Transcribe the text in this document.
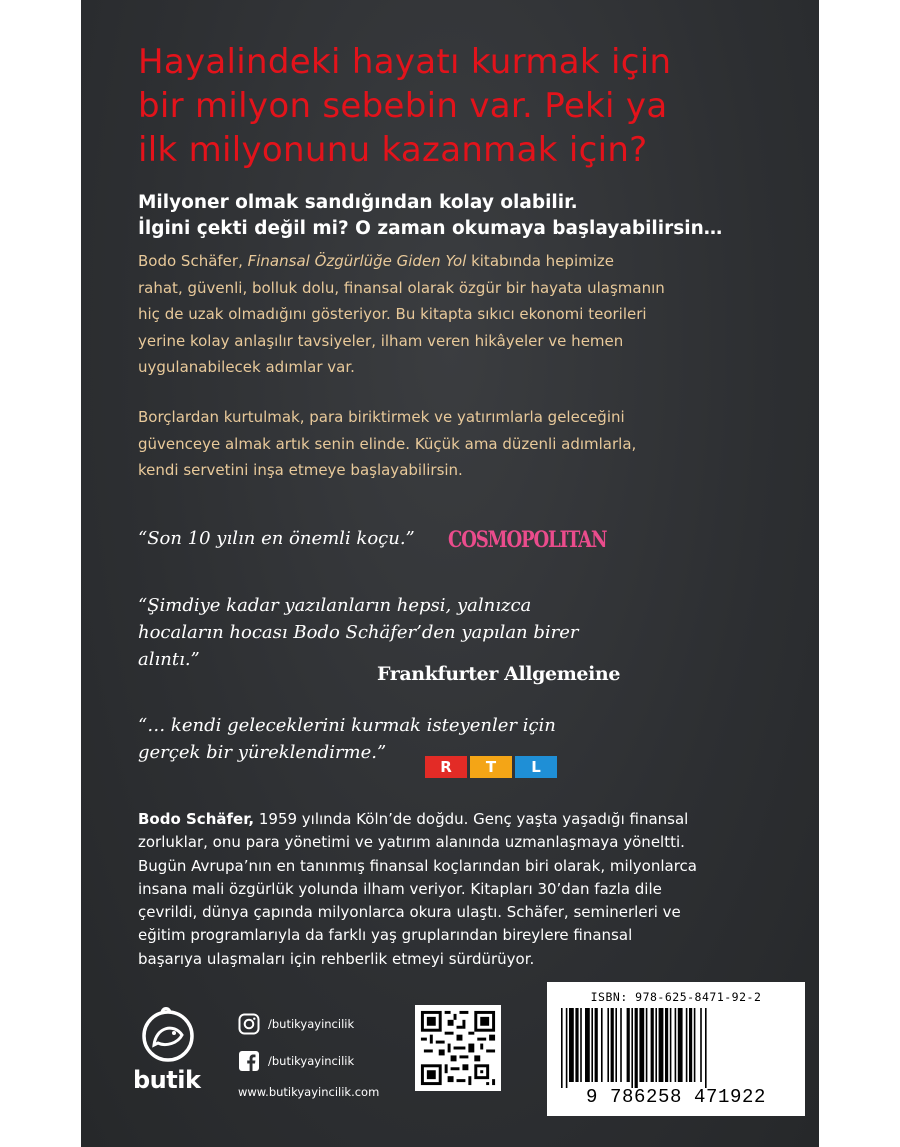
Hayalindeki hayatı kurmak için
bir milyon sebebin var. Peki ya
ilk milyonunu kazanmak için?
Milyoner olmak sandığından kolay olabilir.
İlgini çekti değil mi? O zaman okumaya başlayabilirsin…
Bodo Schäfer, Finansal Özgürlüğe Giden Yol kitabında hepimize
rahat, güvenli, bolluk dolu, finansal olarak özgür bir hayata ulaşmanın
hiç de uzak olmadığını gösteriyor. Bu kitapta sıkıcı ekonomi teorileri
yerine kolay anlaşılır tavsiyeler, ilham veren hikâyeler ve hemen
uygulanabilecek adımlar var.
Borçlardan kurtulmak, para biriktirmek ve yatırımlarla geleceğini
güvenceye almak artık senin elinde. Küçük ama düzenli adımlarla,
kendi servetini inşa etmeye başlayabilirsin.
“Son 10 yılın en önemli koçu.” COSMOPOLITAN
“Şimdiye kadar yazılanların hepsi, yalnızca
hocaların hocası Bodo Schäfer’den yapılan birer
alıntı.”
Frankfurter Allgemeine
“… kendi geleceklerini kurmak isteyenler için
gerçek bir yüreklendirme.”
R	T	L
Bodo Schäfer, 1959 yılında Köln’de doğdu. Genç yaşta yaşadığı finansal
zorluklar, onu para yönetimi ve yatırım alanında uzmanlaşmaya yöneltti.
Bugün Avrupa’nın en tanınmış finansal koçlarından biri olarak, milyonlarca
insana mali özgürlük yolunda ilham veriyor. Kitapları 30’dan fazla dile
çevrildi, dünya çapında milyonlarca okura ulaştı. Schäfer, seminerleri ve
eğitim programlarıyla da farklı yaş gruplarından bireylere finansal
başarıya ulaşmaları için rehberlik etmeyi sürdürüyor.
butik
/butikyayincilik
/butikyayincilik
www.butikyayincilik.com
ISBN: 978-625-8471-92-2
9 786258 471922
